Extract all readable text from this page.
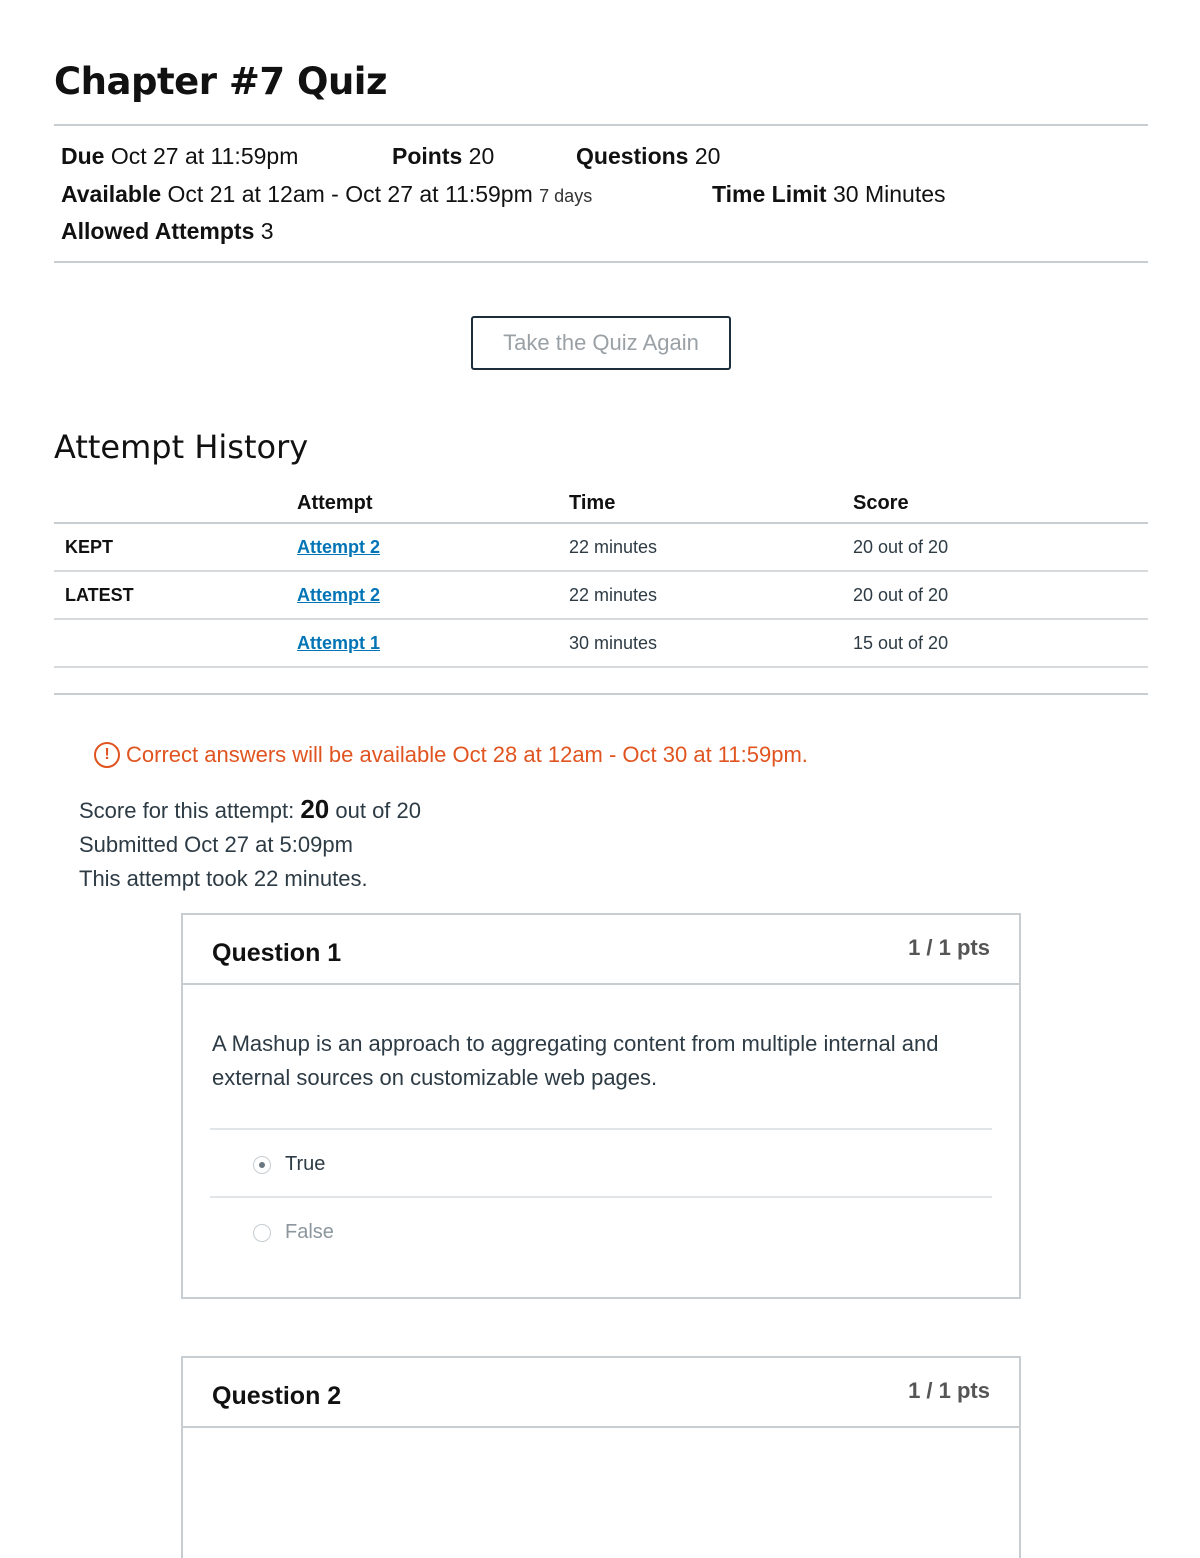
Chapter #7 Quiz
Due Oct 27 at 11:59pm	Points 20	Questions 20
Available Oct 21 at 12am - Oct 27 at 11:59pm 7 days	Time Limit 30 Minutes
Allowed Attempts 3
Take the Quiz Again
Attempt History
	Attempt	Time	Score
KEPT	Attempt 2	22 minutes	20 out of 20
LATEST	Attempt 2	22 minutes	20 out of 20
	Attempt 1	30 minutes	15 out of 20
! Correct answers will be available Oct 28 at 12am - Oct 30 at 11:59pm.
Score for this attempt: 20 out of 20
Submitted Oct 27 at 5:09pm
This attempt took 22 minutes.
Question 1	1 / 1 pts
A Mashup is an approach to aggregating content from multiple internal and external sources on customizable web pages.
True
False
Question 2	1 / 1 pts
